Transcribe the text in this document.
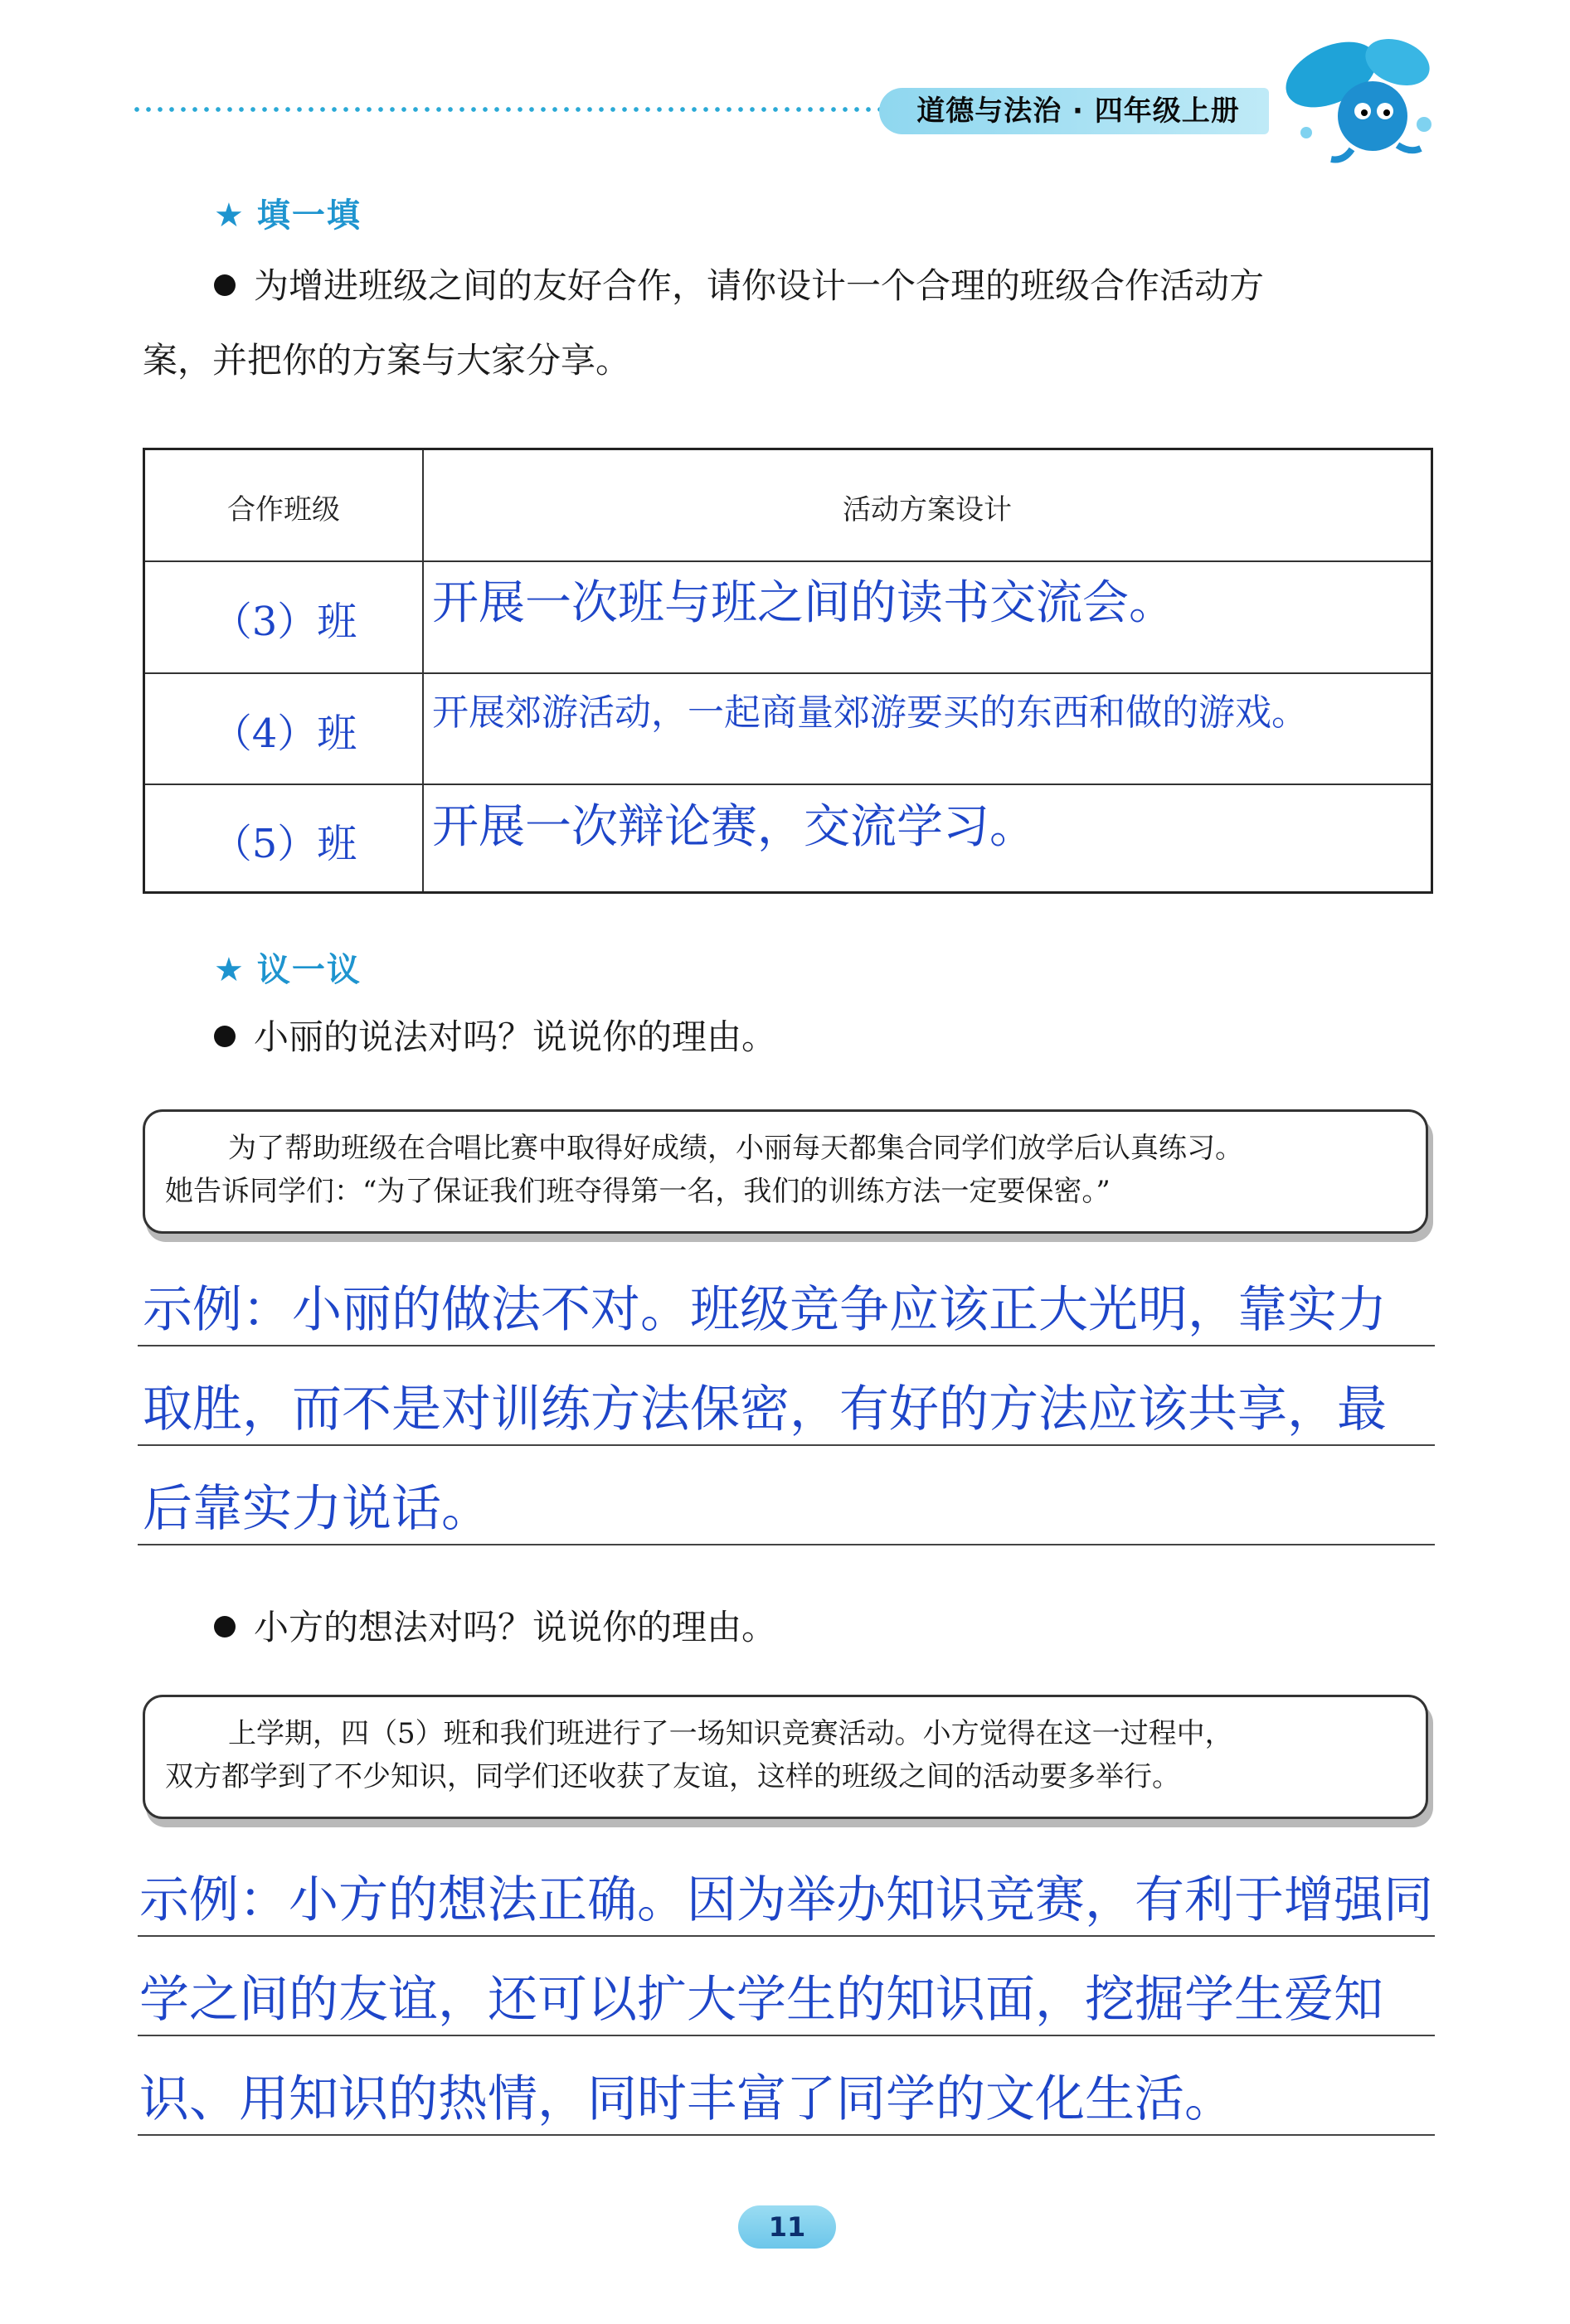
道德与法治 · 四年级上册
★ 填一填
为增进班级之间的友好合作，请你设计一个合理的班级合作活动方
案，并把你的方案与大家分享。
合作班级	活动方案设计
（3）班	开展一次班与班之间的读书交流会。
（4）班	开展郊游活动，一起商量郊游要买的东西和做的游戏。
（5）班	开展一次辩论赛，交流学习。
★ 议一议
小丽的说法对吗？说说你的理由。
为了帮助班级在合唱比赛中取得好成绩，小丽每天都集合同学们放学后认真练习。
她告诉同学们：“为了保证我们班夺得第一名，我们的训练方法一定要保密。”
示例：小丽的做法不对。班级竞争应该正大光明，靠实力
取胜，而不是对训练方法保密，有好的方法应该共享，最
后靠实力说话。
小方的想法对吗？说说你的理由。
上学期，四（5）班和我们班进行了一场知识竞赛活动。小方觉得在这一过程中，
双方都学到了不少知识，同学们还收获了友谊，这样的班级之间的活动要多举行。
示例：小方的想法正确。因为举办知识竞赛，有利于增强同
学之间的友谊，还可以扩大学生的知识面，挖掘学生爱知
识、用知识的热情，同时丰富了同学的文化生活。
11
